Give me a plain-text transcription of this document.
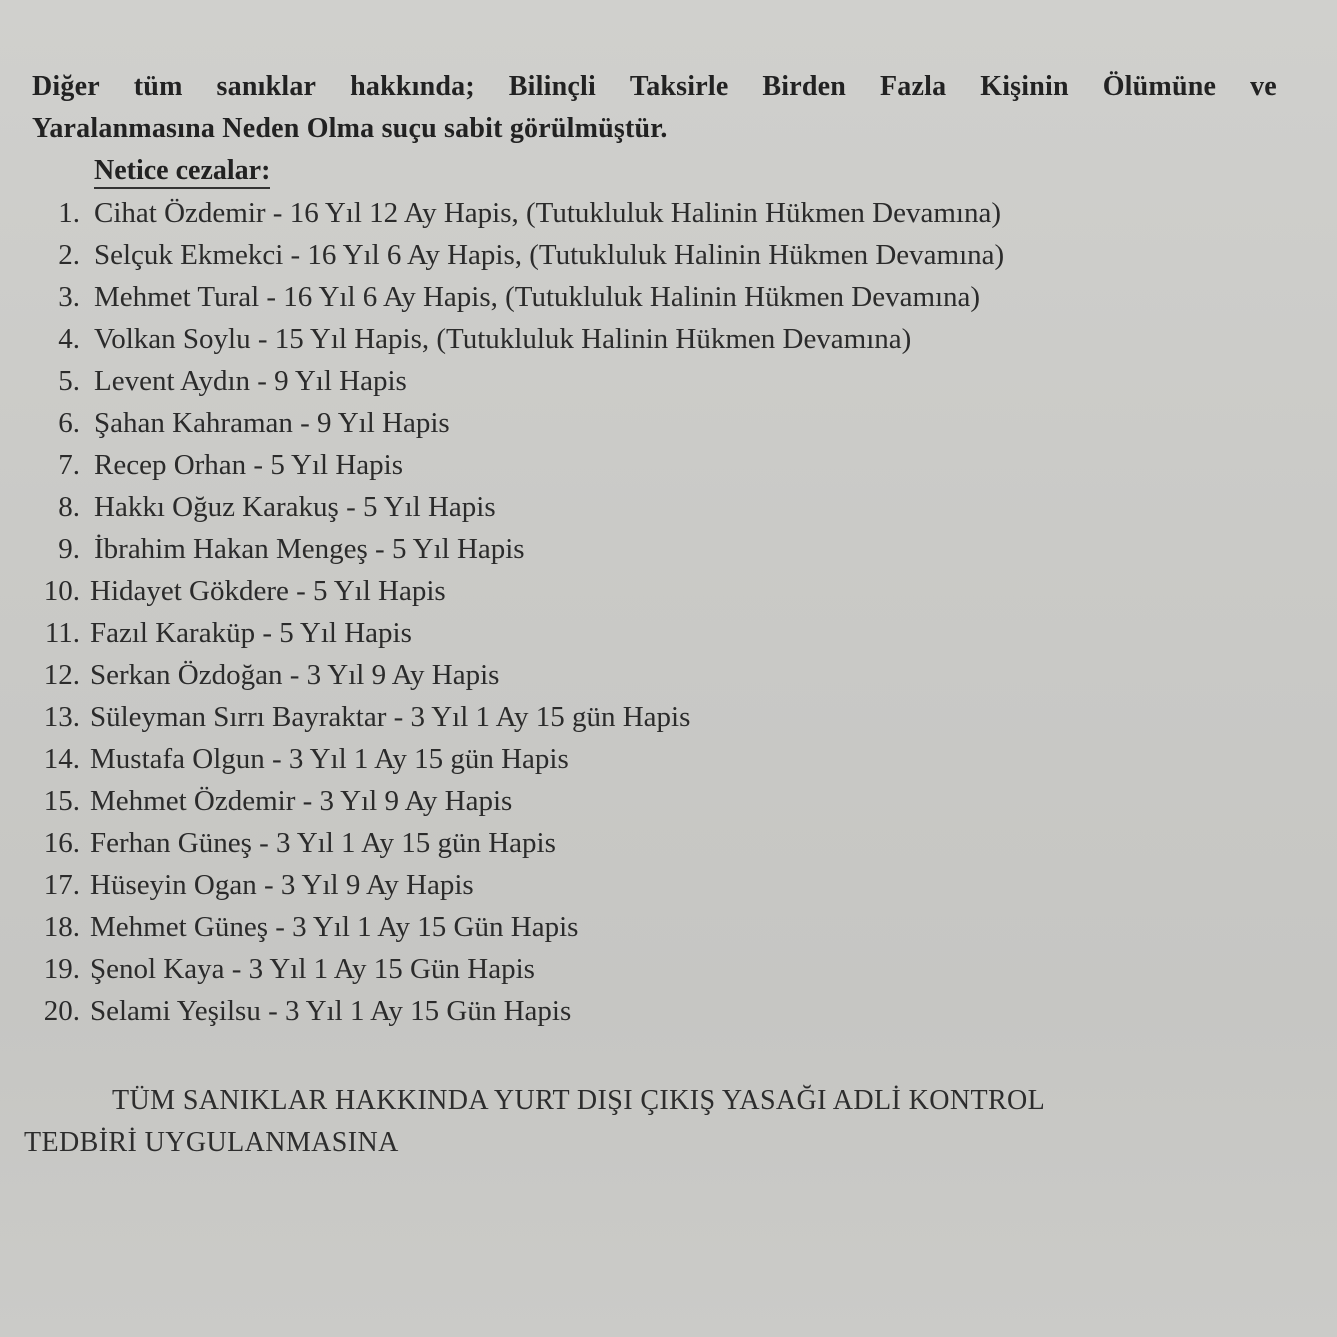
Diğer tüm sanıklar hakkında; Bilinçli Taksirle Birden Fazla Kişinin Ölümüne ve
Yaralanmasına Neden Olma suçu sabit görülmüştür.
Netice cezalar:
1. Cihat Özdemir - 16 Yıl 12 Ay Hapis, (Tutukluluk Halinin Hükmen Devamına)
2. Selçuk Ekmekci - 16 Yıl 6 Ay Hapis, (Tutukluluk Halinin Hükmen Devamına)
3. Mehmet Tural - 16 Yıl 6 Ay Hapis, (Tutukluluk Halinin Hükmen Devamına)
4. Volkan Soylu - 15 Yıl Hapis, (Tutukluluk Halinin Hükmen Devamına)
5. Levent Aydın - 9 Yıl Hapis
6. Şahan Kahraman - 9 Yıl Hapis
7. Recep Orhan - 5 Yıl Hapis
8. Hakkı Oğuz Karakuş - 5 Yıl Hapis
9. İbrahim Hakan Mengeş - 5 Yıl Hapis
10. Hidayet Gökdere - 5 Yıl Hapis
11. Fazıl Karaküp - 5 Yıl Hapis
12. Serkan Özdoğan - 3 Yıl 9 Ay Hapis
13. Süleyman Sırrı Bayraktar - 3 Yıl 1 Ay 15 gün Hapis
14. Mustafa Olgun - 3 Yıl 1 Ay 15 gün Hapis
15. Mehmet Özdemir - 3 Yıl 9 Ay Hapis
16. Ferhan Güneş - 3 Yıl 1 Ay 15 gün Hapis
17. Hüseyin Ogan - 3 Yıl 9 Ay Hapis
18. Mehmet Güneş - 3 Yıl 1 Ay 15 Gün Hapis
19. Şenol Kaya - 3 Yıl 1 Ay 15 Gün Hapis
20. Selami Yeşilsu - 3 Yıl 1 Ay 15 Gün Hapis
TÜM SANIKLAR HAKKINDA YURT DIŞI ÇIKIŞ YASAĞI ADLİ KONTROL
TEDBİRİ UYGULANMASINA
